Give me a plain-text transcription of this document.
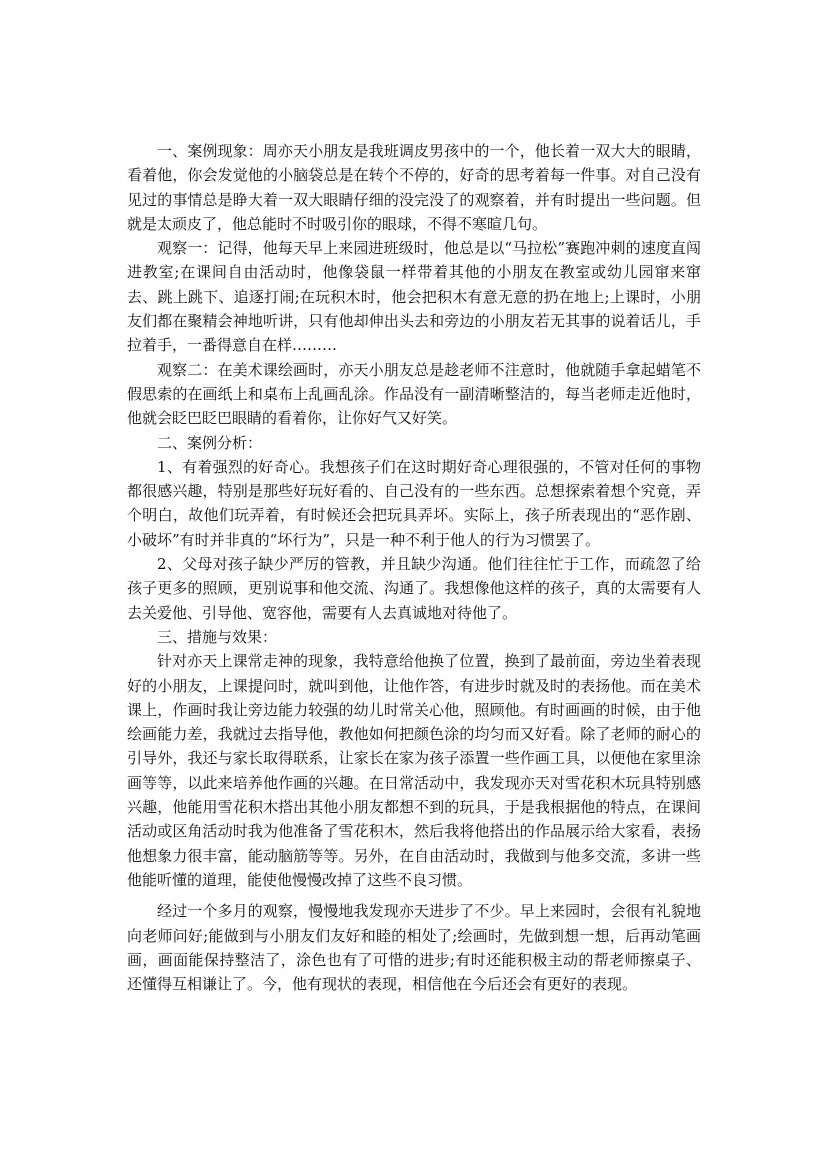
一、案例现象：周亦天小朋友是我班调皮男孩中的一个，他长着一双大大的眼睛，看着他，你会发觉他的小脑袋总是在转个不停的，好奇的思考着每一件事。对自己没有见过的事情总是睁大着一双大眼睛仔细的没完没了的观察着，并有时提出一些问题。但就是太顽皮了，他总能时不时吸引你的眼球，不得不寒暄几句。

观察一：记得，他每天早上来园进班级时，他总是以“马拉松”赛跑冲刺的速度直闯进教室;在课间自由活动时，他像袋鼠一样带着其他的小朋友在教室或幼儿园窜来窜去、跳上跳下、追逐打闹;在玩积木时，他会把积木有意无意的扔在地上;上课时，小朋友们都在聚精会神地听讲，只有他却伸出头去和旁边的小朋友若无其事的说着话儿，手拉着手，一番得意自在样………

观察二：在美术课绘画时，亦天小朋友总是趁老师不注意时，他就随手拿起蜡笔不假思索的在画纸上和桌布上乱画乱涂。作品没有一副清晰整洁的，每当老师走近他时，他就会眨巴眨巴眼睛的看着你，让你好气又好笑。

二、案例分析：

1、有着强烈的好奇心。我想孩子们在这时期好奇心理很强的，不管对任何的事物都很感兴趣，特别是那些好玩好看的、自己没有的一些东西。总想探索着想个究竟，弄个明白，故他们玩弄着，有时候还会把玩具弄坏。实际上，孩子所表现出的“恶作剧、小破坏”有时并非真的“坏行为”，只是一种不利于他人的行为习惯罢了。

2、父母对孩子缺少严厉的管教，并且缺少沟通。他们往往忙于工作，而疏忽了给孩子更多的照顾，更别说事和他交流、沟通了。我想像他这样的孩子，真的太需要有人去关爱他、引导他、宽容他，需要有人去真诚地对待他了。

三、措施与效果：

针对亦天上课常走神的现象，我特意给他换了位置，换到了最前面，旁边坐着表现好的小朋友，上课提问时，就叫到他，让他作答，有进步时就及时的表扬他。而在美术课上，作画时我让旁边能力较强的幼儿时常关心他，照顾他。有时画画的时候，由于他绘画能力差，我就过去指导他，教他如何把颜色涂的均匀而又好看。除了老师的耐心的引导外，我还与家长取得联系，让家长在家为孩子添置一些作画工具，以便他在家里涂画等等，以此来培养他作画的兴趣。在日常活动中，我发现亦天对雪花积木玩具特别感兴趣，他能用雪花积木搭出其他小朋友都想不到的玩具，于是我根据他的特点，在课间活动或区角活动时我为他准备了雪花积木，然后我将他搭出的作品展示给大家看，表扬他想象力很丰富，能动脑筋等等。另外，在自由活动时，我做到与他多交流，多讲一些他能听懂的道理，能使他慢慢改掉了这些不良习惯。

经过一个多月的观察，慢慢地我发现亦天进步了不少。早上来园时，会很有礼貌地向老师问好;能做到与小朋友们友好和睦的相处了;绘画时，先做到想一想，后再动笔画画，画面能保持整洁了，涂色也有了可惜的进步;有时还能积极主动的帮老师擦桌子、还懂得互相谦让了。今，他有现状的表现，相信他在今后还会有更好的表现。
